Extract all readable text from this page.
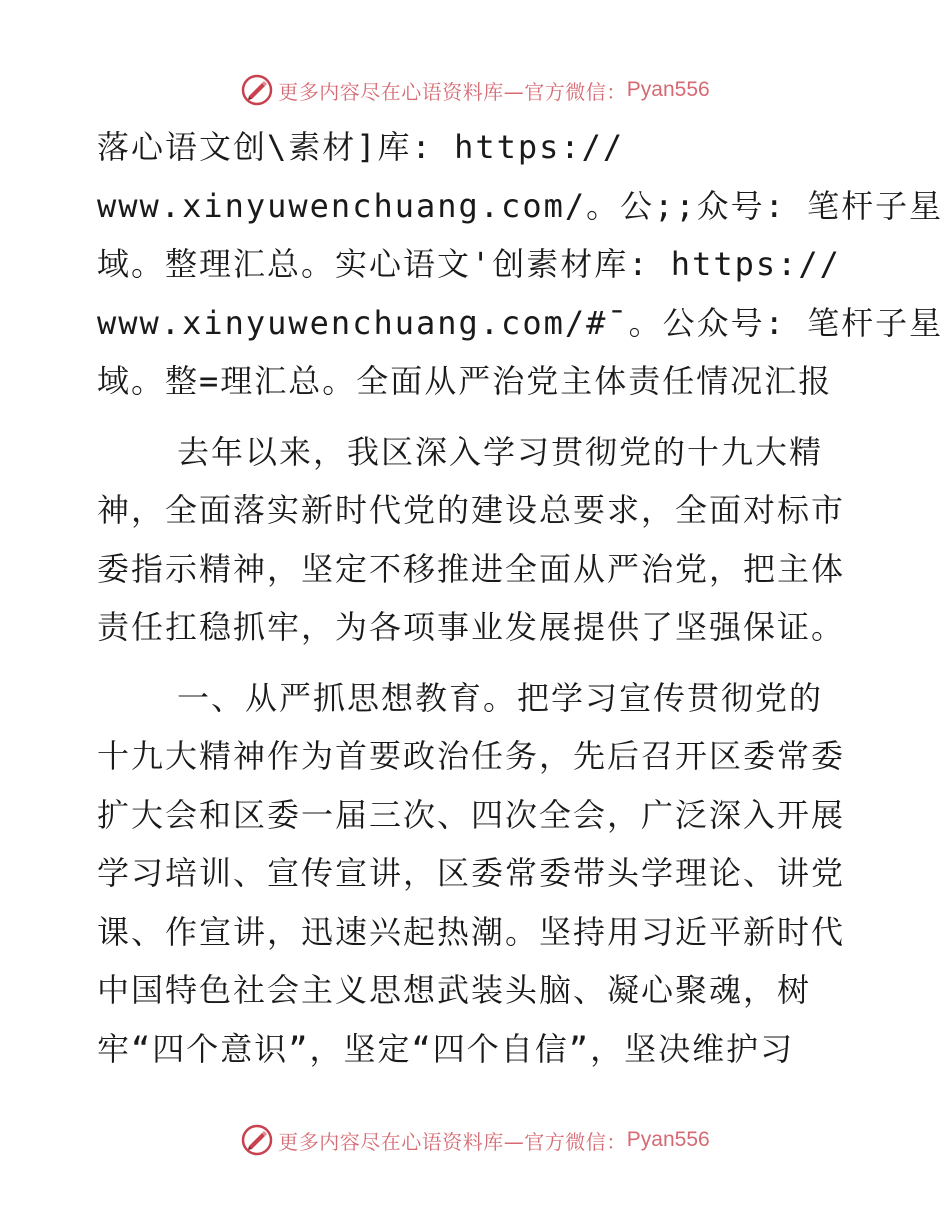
更多内容尽在心语资料库—官方微信： Pyan556
落心语文创\素材]库: https://
www.xinyuwenchuang.com/。公;;众号: 笔杆子星
域。整理汇总。实心语文'创素材库: https://
www.xinyuwenchuang.com/#¯。公众号: 笔杆子星
域。整=理汇总。全面从严治党主体责任情况汇报
去年以来，我区深入学习贯彻党的十九大精
神，全面落实新时代党的建设总要求，全面对标市
委指示精神，坚定不移推进全面从严治党，把主体
责任扛稳抓牢，为各项事业发展提供了坚强保证。
一、从严抓思想教育。把学习宣传贯彻党的
十九大精神作为首要政治任务，先后召开区委常委
扩大会和区委一届三次、四次全会，广泛深入开展
学习培训、宣传宣讲，区委常委带头学理论、讲党
课、作宣讲，迅速兴起热潮。坚持用习近平新时代
中国特色社会主义思想武装头脑、凝心聚魂，树
牢“四个意识”，坚定“四个自信”，坚决维护习
更多内容尽在心语资料库—官方微信： Pyan556
